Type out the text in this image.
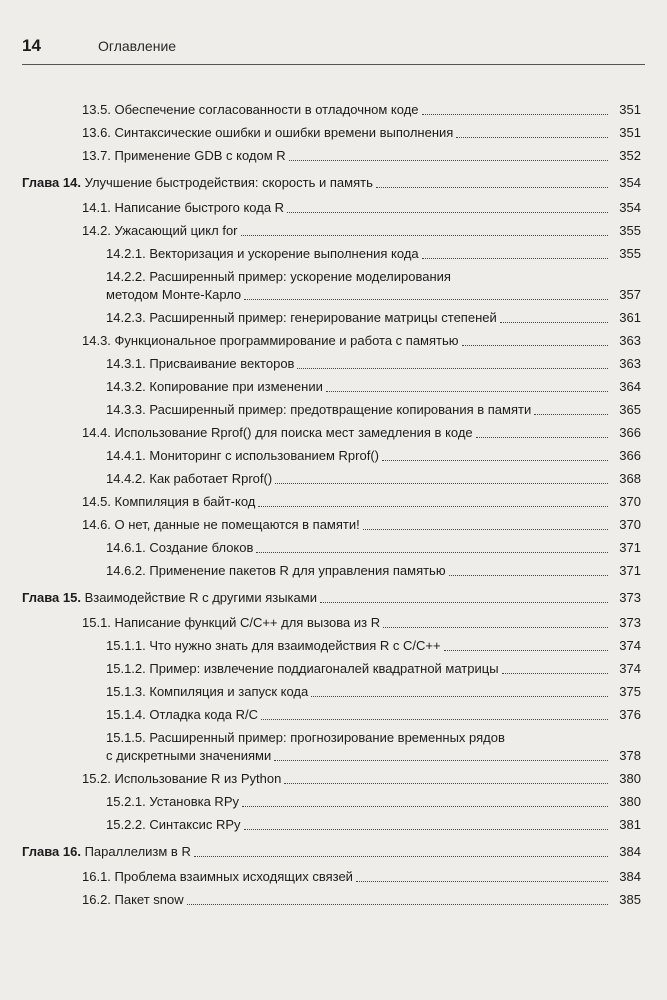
14	Оглавление
13.5. Обеспечение согласованности в отладочном коде	351
13.6. Синтаксические ошибки и ошибки времени выполнения	351
13.7. Применение GDB с кодом R	352
Глава 14. Улучшение быстродействия: скорость и память	354
14.1. Написание быстрого кода R	354
14.2. Ужасающий цикл for	355
14.2.1. Векторизация и ускорение выполнения кода	355
14.2.2. Расширенный пример: ускорение моделирования
методом Монте-Карло	357
14.2.3. Расширенный пример: генерирование матрицы степеней	361
14.3. Функциональное программирование и работа с памятью	363
14.3.1. Присваивание векторов	363
14.3.2. Копирование при изменении	364
14.3.3. Расширенный пример: предотвращение копирования в памяти	365
14.4. Использование Rprof() для поиска мест замедления в коде	366
14.4.1. Мониторинг с использованием Rprof()	366
14.4.2. Как работает Rprof()	368
14.5. Компиляция в байт-код	370
14.6. О нет, данные не помещаются в памяти!	370
14.6.1. Создание блоков	371
14.6.2. Применение пакетов R для управления памятью	371
Глава 15. Взаимодействие R с другими языками	373
15.1. Написание функций C/C++ для вызова из R	373
15.1.1. Что нужно знать для взаимодействия R с C/C++	374
15.1.2. Пример: извлечение поддиагоналей квадратной матрицы	374
15.1.3. Компиляция и запуск кода	375
15.1.4. Отладка кода R/C	376
15.1.5. Расширенный пример: прогнозирование временных рядов
с дискретными значениями	378
15.2. Использование R из Python	380
15.2.1. Установка RPy	380
15.2.2. Синтаксис RPy	381
Глава 16. Параллелизм в R	384
16.1. Проблема взаимных исходящих связей	384
16.2. Пакет snow	385
